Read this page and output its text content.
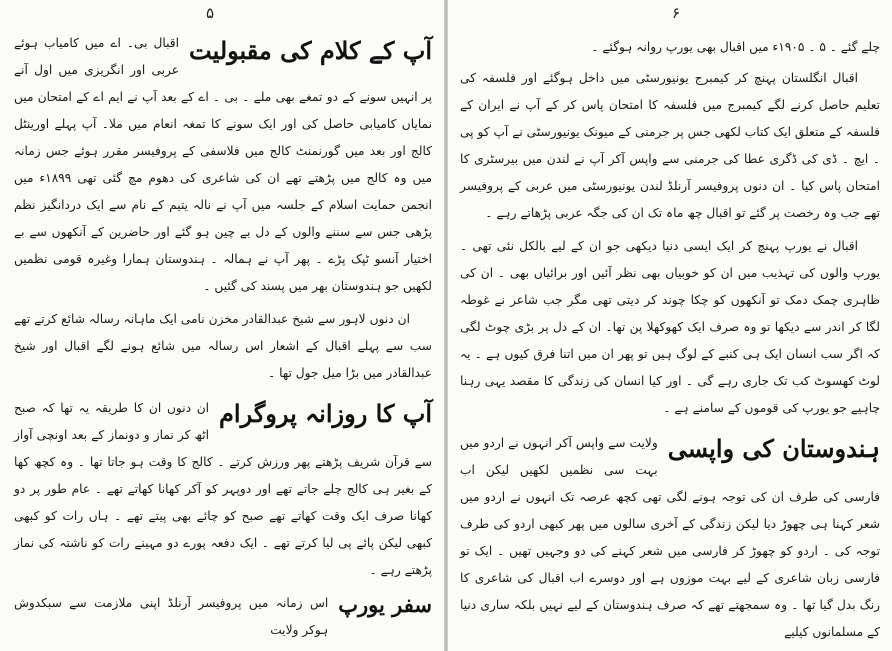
۵
آپ کے کلام کی مقبولیت

اقبال بی۔ اے میں کامیاب ہوئے عربی اور انگریزی میں اول آنے پر انہیں سونے کے دو تمغے بھی ملے ۔ بی ۔ اے کے بعد آپ نے ایم اے کے امتحان میں نمایاں کامیابی حاصل کی اور ایک سونے کا تمغہ انعام میں ملا۔ آپ پہلے اورینٹل کالج اور بعد میں گورنمنٹ کالج میں فلاسفی کے پروفیسر مقرر ہوئے جس زمانہ میں وہ کالج میں پڑھتے تھے ان کی شاعری کی دھوم مچ گئی تھی ۱۸۹۹ء میں انجمن حمایت اسلام کے جلسہ میں آپ نے نالہ یتیم کے نام سے ایک دردانگیز نظم پڑھی جس سے سننے والوں کے دل بے چین ہو گئے اور حاضرین کے آنکھوں سے بے اختیار آنسو ٹپک پڑے ۔ پھر آپ نے ہمالہ ۔ ہندوستان ہمارا وغیرہ قومی نظمیں لکھیں جو ہندوستان بھر میں پسند کی گئیں ۔

ان دنوں لاہور سے شیخ عبدالقادر مخزن نامی ایک ماہانہ رسالہ شائع کرتے تھے سب سے پہلے اقبال کے اشعار اس رسالہ میں شائع ہونے لگے اقبال اور شیخ عبدالقادر میں بڑا میل جول تھا ۔

آپ کا روزانہ پروگرام

ان دنوں ان کا طریقہ یہ تھا کہ صبح اٹھ کر نماز و دونماز کے بعد اونچی آواز سے قرآن شریف پڑھتے پھر ورزش کرتے ۔ کالج کا وقت ہو جاتا تھا ۔ وہ کچھ کھا کے بغیر ہی کالج چلے جاتے تھے اور دوپہر کو آکر کھانا کھاتے تھے ۔ عام طور پر دو کھانا صرف ایک وقت کھاتے تھے صبح کو چائے بھی پیتے تھے ۔ ہاں رات کو کبھی کبھی لیکن پائے پی لیا کرتے تھے ۔ ایک دفعہ پورے دو مہینے رات کو ناشتہ کی نماز پڑھتے رہے ۔

سفر یورپ

اس زمانہ میں پروفیسر آرنلڈ اپنی ملازمت سے سبکدوش ہوکر ولایت

۶

چلے گئے ۔ ۵ ۔ ۱۹۰۵ء میں اقبال بھی یورپ روانہ ہوگئے ۔

اقبال انگلستان پہنچ کر کیمبرج یونیورسٹی میں داخل ہوگئے اور فلسفہ کی تعلیم حاصل کرنے لگے کیمبرج میں فلسفہ کا امتحان پاس کر کے آپ نے ایران کے فلسفہ کے متعلق ایک کتاب لکھی جس پر جرمنی کے میونک یونیورسٹی نے آپ کو پی ۔ ایچ ۔ ڈی کی ڈگری عطا کی جرمنی سے واپس آکر آپ نے لندن میں بیرسٹری کا امتحان پاس کیا ۔ ان دنوں پروفیسر آرنلڈ لندن یونیورسٹی میں عربی کے پروفیسر تھے جب وہ رخصت پر گئے تو اقبال چھ ماہ تک ان کی جگہ عربی پڑھاتے رہے ۔

اقبال نے یورپ پہنچ کر ایک ایسی دنیا دیکھی جو ان کے لیے بالکل نئی تھی ۔ یورپ والوں کی تہذیب میں ان کو خوبیاں بھی نظر آئیں اور برائیاں بھی ۔ ان کی ظاہری چمک دمک تو آنکھوں کو چکا چوند کر دیتی تھی مگر جب شاعر نے غوطہ لگا کر اندر سے دیکھا تو وہ صرف ایک کھوکھلا پن تھا۔ ان کے دل پر بڑی چوٹ لگی کہ اگر سب انسان ایک ہی کنبے کے لوگ ہیں تو پھر ان میں اتنا فرق کیوں ہے ۔ یہ لوٹ کھسوٹ کب تک جاری رہے گی ۔ اور کیا انسان کی زندگی کا مقصد یہی رہنا چاہیے جو یورپ کی قوموں کے سامنے ہے ۔

ہندوستان کی واپسی

ولایت سے واپس آکر انہوں نے اردو میں بہت سی نظمیں لکھیں لیکن اب فارسی کی طرف ان کی توجہ ہونے لگی تھی کچھ عرصہ تک انہوں نے اردو میں شعر کہنا ہی چھوڑ دیا لیکن زندگی کے آخری سالوں میں پھر کبھی اردو کی طرف توجہ کی ۔ اردو کو چھوڑ کر فارسی میں شعر کہنے کی دو وجہیں تھیں ۔ ایک تو فارسی زبان شاعری کے لیے بہت موزوں ہے اور دوسرے اب اقبال کی شاعری کا رنگ بدل گیا تھا ۔ وہ سمجھتے تھے کہ صرف ہندوستان کے لیے نہیں بلکہ ساری دنیا کے مسلمانوں کیلیے
